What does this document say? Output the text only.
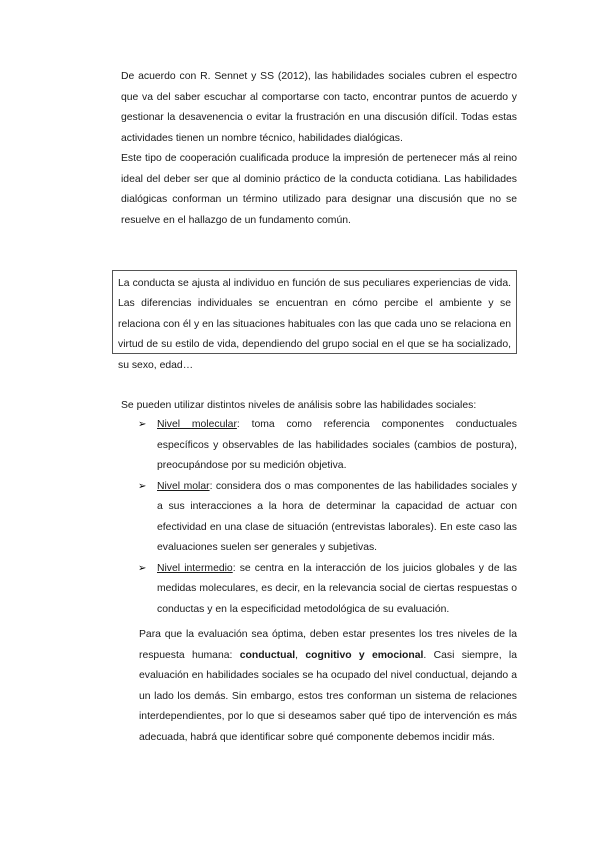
De acuerdo con R. Sennet y SS (2012), las habilidades sociales cubren el espectro que va del saber escuchar al comportarse con tacto, encontrar puntos de acuerdo y gestionar la desavenencia o evitar la frustración en una discusión difícil. Todas estas actividades tienen un nombre técnico, habilidades dialógicas.

Este tipo de cooperación cualificada produce la impresión de pertenecer más al reino ideal del deber ser que al dominio práctico de la conducta cotidiana. Las habilidades dialógicas conforman un término utilizado para designar una discusión que no se resuelve en el hallazgo de un fundamento común.

La conducta se ajusta al individuo en función de sus peculiares experiencias de vida. Las diferencias individuales se encuentran en cómo percibe el ambiente y se relaciona con él y en las situaciones habituales con las que cada uno se relaciona en virtud de su estilo de vida, dependiendo del grupo social en el que se ha socializado, su sexo, edad…

Se pueden utilizar distintos niveles de análisis sobre las habilidades sociales:

➢ Nivel molecular: toma como referencia componentes conductuales específicos y observables de las habilidades sociales (cambios de postura), preocupándose por su medición objetiva.
➢ Nivel molar: considera dos o mas componentes de las habilidades sociales y a sus interacciones a la hora de determinar la capacidad de actuar con efectividad en una clase de situación (entrevistas laborales). En este caso las evaluaciones suelen ser generales y subjetivas.
➢ Nivel intermedio: se centra en la interacción de los juicios globales y de las medidas moleculares, es decir, en la relevancia social de ciertas respuestas o conductas y en la especificidad metodológica de su evaluación.

Para que la evaluación sea óptima, deben estar presentes los tres niveles de la respuesta humana: conductual, cognitivo y emocional. Casi siempre, la evaluación en habilidades sociales se ha ocupado del nivel conductual, dejando a un lado los demás. Sin embargo, estos tres conforman un sistema de relaciones interdependientes, por lo que si deseamos saber qué tipo de intervención es más adecuada, habrá que identificar sobre qué componente debemos incidir más.
